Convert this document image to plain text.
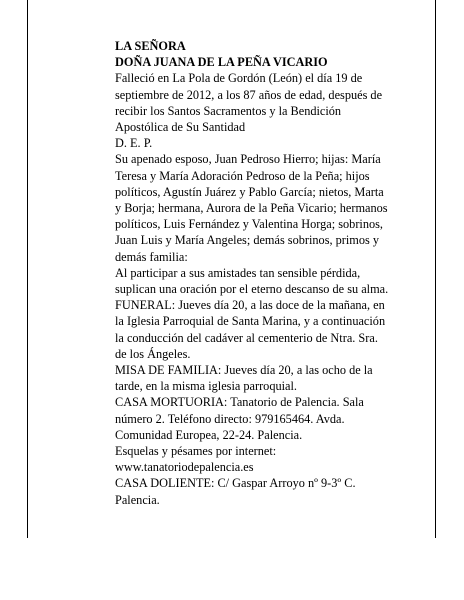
LA SEÑORA
DOÑA JUANA DE LA PEÑA VICARIO
Falleció en La Pola de Gordón (León) el día 19 de
septiembre de 2012, a los 87 años de edad, después de
recibir los Santos Sacramentos y la Bendición
Apostólica de Su Santidad
D. E. P.
Su apenado esposo, Juan Pedroso Hierro; hijas: María
Teresa y María Adoración Pedroso de la Peña; hijos
políticos, Agustín Juárez y Pablo García; nietos, Marta
y Borja; hermana, Aurora de la Peña Vicario; hermanos
políticos, Luis Fernández y Valentina Horga; sobrinos,
Juan Luis y María Angeles; demás sobrinos, primos y
demás familia:
Al participar a sus amistades tan sensible pérdida,
suplican una oración por el eterno descanso de su alma.
FUNERAL: Jueves día 20, a las doce de la mañana, en
la Iglesia Parroquial de Santa Marina, y a continuación
la conducción del cadáver al cementerio de Ntra. Sra.
de los Ángeles.
MISA DE FAMILIA: Jueves día 20, a las ocho de la
tarde, en la misma iglesia parroquial.
CASA MORTUORIA: Tanatorio de Palencia. Sala
número 2. Teléfono directo: 979165464. Avda.
Comunidad Europea, 22-24. Palencia.
Esquelas y pésames por internet:
www.tanatoriodepalencia.es
CASA DOLIENTE: C/ Gaspar Arroyo nº 9-3º C.
Palencia.
